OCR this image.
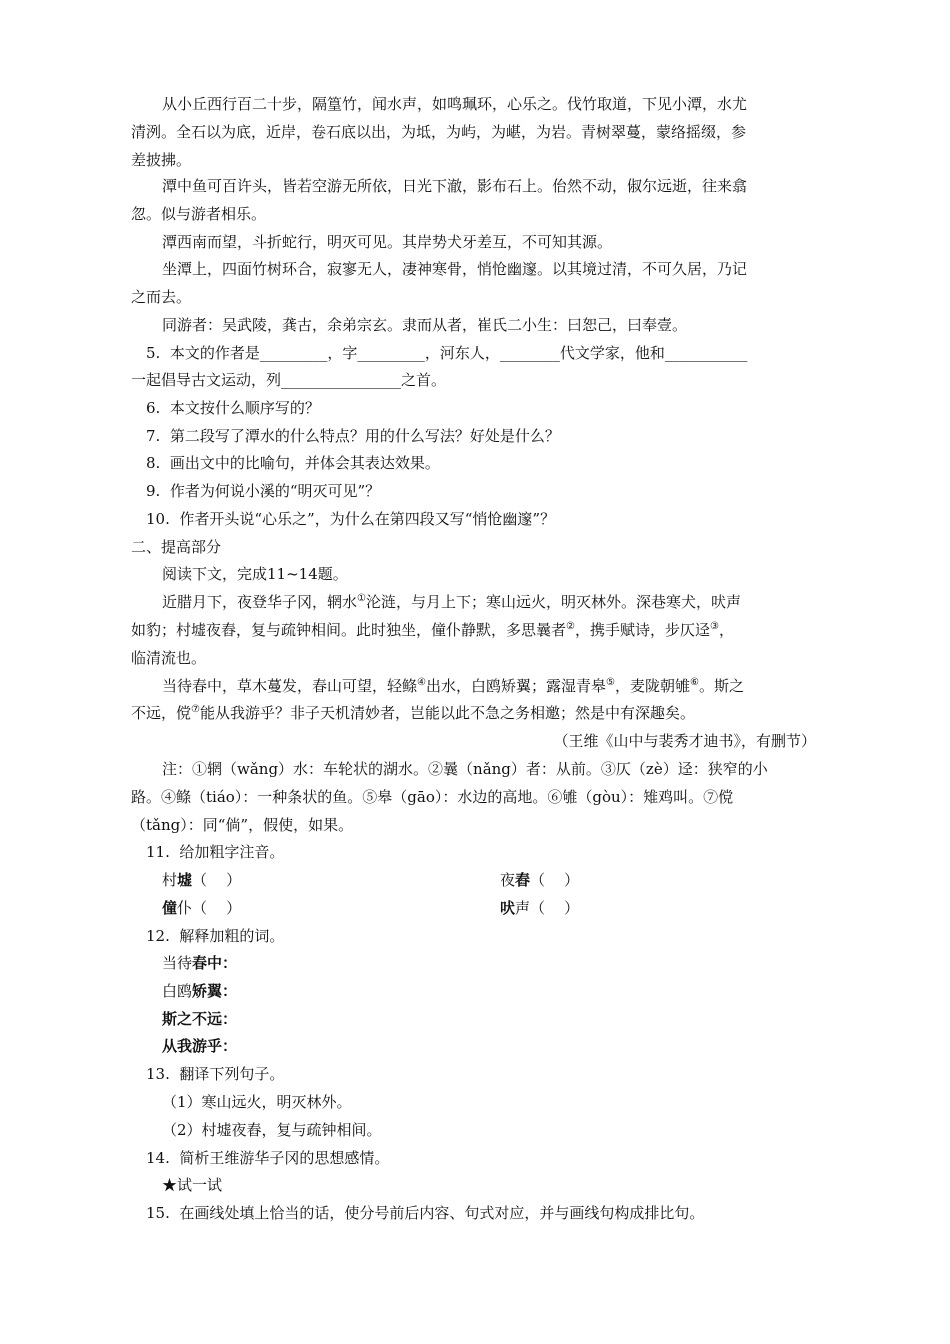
从小丘西行百二十步，隔篁竹，闻水声，如鸣珮环，心乐之。伐竹取道，下见小潭，水尤
清洌。全石以为底，近岸，卷石底以出，为坻，为屿，为嵁，为岩。青树翠蔓，蒙络摇缀，参
差披拂。
潭中鱼可百许头，皆若空游无所依，日光下澈，影布石上。佁然不动，俶尔远逝，往来翕
忽。似与游者相乐。
潭西南而望，斗折蛇行，明灭可见。其岸势犬牙差互，不可知其源。
坐潭上，四面竹树环合，寂寥无人，凄神寒骨，悄怆幽邃。以其境过清，不可久居，乃记
之而去。
同游者：吴武陵，龚古，余弟宗玄。隶而从者，崔氏二小生：曰恕己，曰奉壹。
5.  本文的作者是_________，字_________，河东人，________代文学家，他和___________
一起倡导古文运动，列________________之首。
6.  本文按什么顺序写的？
7.  第二段写了潭水的什么特点？用的什么写法？好处是什么？
8.  画出文中的比喻句，并体会其表达效果。
9.  作者为何说小溪的“明灭可见”？
10.  作者开头说“心乐之”，为什么在第四段又写“悄怆幽邃”？
二、提高部分
阅读下文，完成11~14题。
近腊月下，夜登华子冈，辋水①沦涟，与月上下；寒山远火，明灭林外。深巷寒犬，吠声
如豹；村墟夜舂，复与疏钟相间。此时独坐，僮仆静默，多思曩者②，携手赋诗，步仄迳③，
临清流也。
当待春中，草木蔓发，春山可望，轻鲦④出水，白鸥矫翼；露湿青皋⑤，麦陇朝雊⑥。斯之
不远，傥⑦能从我游乎？非子天机清妙者，岂能以此不急之务相邀；然是中有深趣矣。
（王维《山中与裴秀才迪书》，有删节）
注：①辋（wǎng）水：车轮状的湖水。②曩（nǎng）者：从前。③仄（zè）迳：狭窄的小
路。④鲦（tiáo）：一种条状的鱼。⑤皋（gāo）：水边的高地。⑥雊（gòu）：雉鸡叫。⑦傥
（tǎng）：同“倘”，假使，如果。
11.  给加粗字注音。
村墟（    ）	夜舂（    ）
僮仆（    ）	吠声（    ）
12.  解释加粗的词。
当待春中：
白鸥矫翼：
斯之不远：
从我游乎：
13.  翻译下列句子。
（1）寒山远火，明灭林外。
（2）村墟夜舂，复与疏钟相间。
14.  简析王维游华子冈的思想感情。
★试一试
15.  在画线处填上恰当的话，使分号前后内容、句式对应，并与画线句构成排比句。
